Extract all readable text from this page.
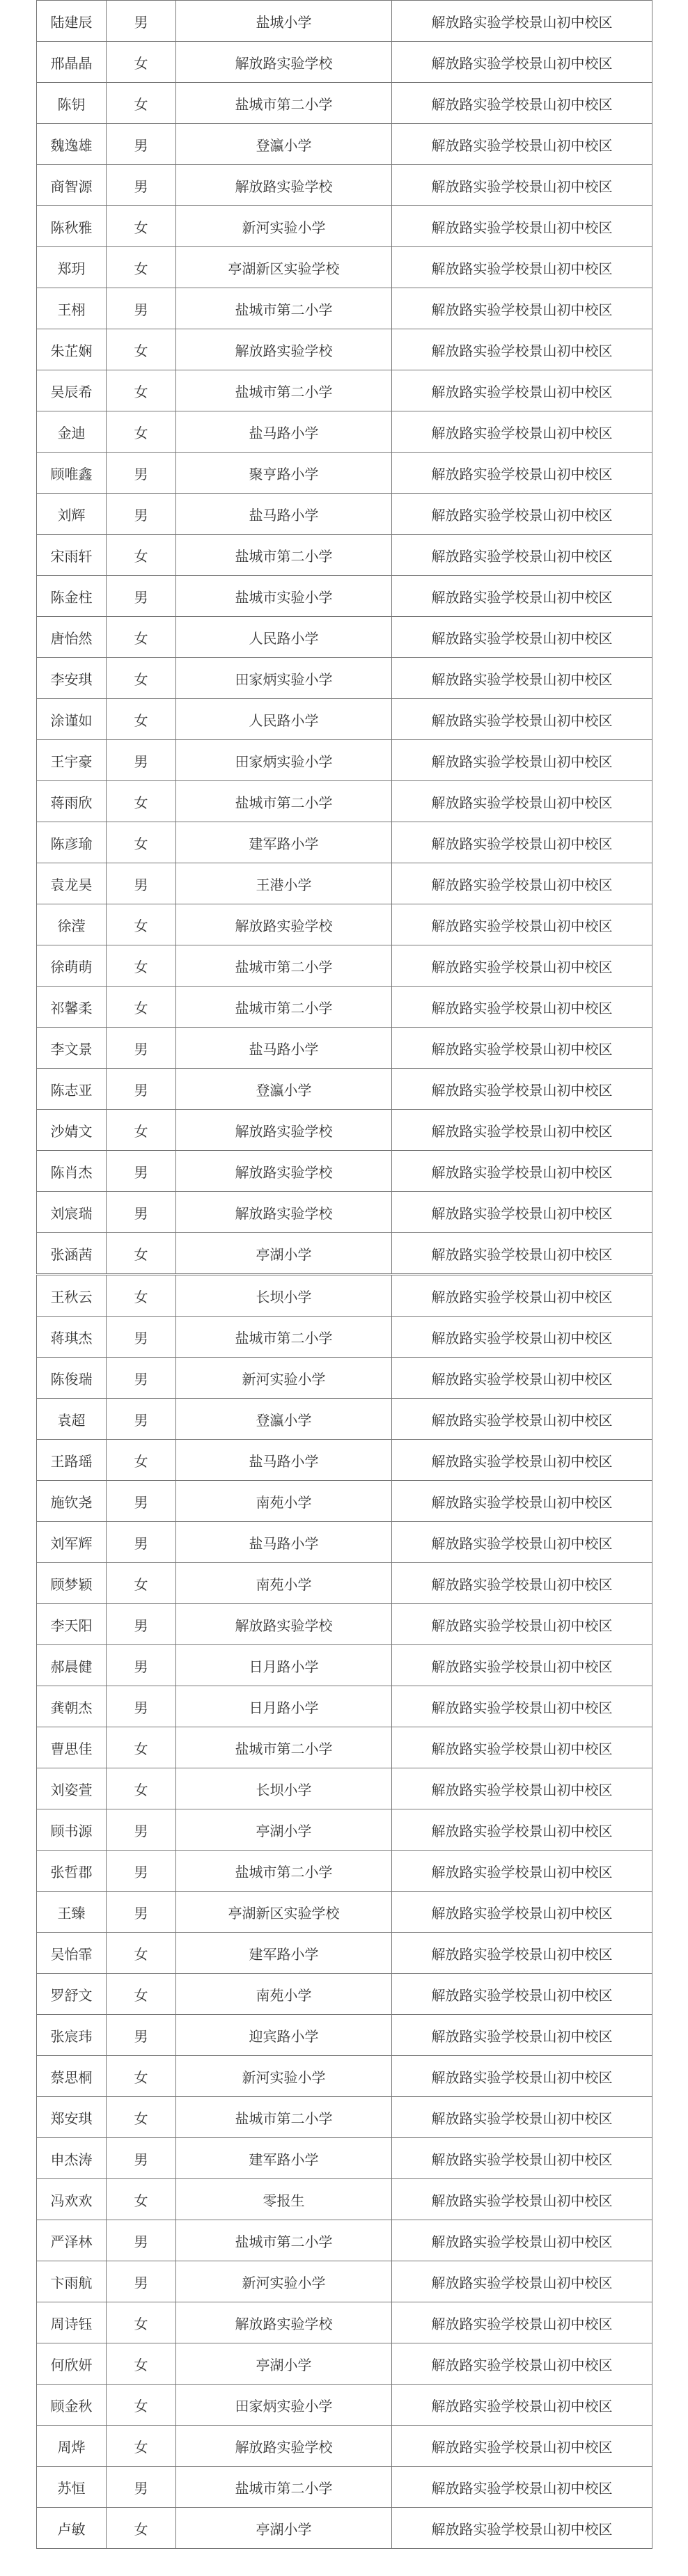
陆建辰	男	盐城小学	解放路实验学校景山初中校区
邢晶晶	女	解放路实验学校	解放路实验学校景山初中校区
陈钥	女	盐城市第二小学	解放路实验学校景山初中校区
魏逸雄	男	登瀛小学	解放路实验学校景山初中校区
商智源	男	解放路实验学校	解放路实验学校景山初中校区
陈秋雅	女	新河实验小学	解放路实验学校景山初中校区
郑玥	女	亭湖新区实验学校	解放路实验学校景山初中校区
王栩	男	盐城市第二小学	解放路实验学校景山初中校区
朱芷娴	女	解放路实验学校	解放路实验学校景山初中校区
吴辰希	女	盐城市第二小学	解放路实验学校景山初中校区
金迪	女	盐马路小学	解放路实验学校景山初中校区
顾唯鑫	男	聚亨路小学	解放路实验学校景山初中校区
刘辉	男	盐马路小学	解放路实验学校景山初中校区
宋雨轩	女	盐城市第二小学	解放路实验学校景山初中校区
陈金柱	男	盐城市实验小学	解放路实验学校景山初中校区
唐怡然	女	人民路小学	解放路实验学校景山初中校区
李安琪	女	田家炳实验小学	解放路实验学校景山初中校区
涂谨如	女	人民路小学	解放路实验学校景山初中校区
王宇豪	男	田家炳实验小学	解放路实验学校景山初中校区
蒋雨欣	女	盐城市第二小学	解放路实验学校景山初中校区
陈彦瑜	女	建军路小学	解放路实验学校景山初中校区
袁龙昊	男	王港小学	解放路实验学校景山初中校区
徐滢	女	解放路实验学校	解放路实验学校景山初中校区
徐萌萌	女	盐城市第二小学	解放路实验学校景山初中校区
祁馨柔	女	盐城市第二小学	解放路实验学校景山初中校区
李文景	男	盐马路小学	解放路实验学校景山初中校区
陈志亚	男	登瀛小学	解放路实验学校景山初中校区
沙婧文	女	解放路实验学校	解放路实验学校景山初中校区
陈肖杰	男	解放路实验学校	解放路实验学校景山初中校区
刘宸瑞	男	解放路实验学校	解放路实验学校景山初中校区
张涵茜	女	亭湖小学	解放路实验学校景山初中校区
王秋云	女	长坝小学	解放路实验学校景山初中校区
蒋琪杰	男	盐城市第二小学	解放路实验学校景山初中校区
陈俊瑞	男	新河实验小学	解放路实验学校景山初中校区
袁超	男	登瀛小学	解放路实验学校景山初中校区
王路瑶	女	盐马路小学	解放路实验学校景山初中校区
施钦尧	男	南苑小学	解放路实验学校景山初中校区
刘军辉	男	盐马路小学	解放路实验学校景山初中校区
顾梦颖	女	南苑小学	解放路实验学校景山初中校区
李天阳	男	解放路实验学校	解放路实验学校景山初中校区
郝晨健	男	日月路小学	解放路实验学校景山初中校区
龚朝杰	男	日月路小学	解放路实验学校景山初中校区
曹思佳	女	盐城市第二小学	解放路实验学校景山初中校区
刘姿萱	女	长坝小学	解放路实验学校景山初中校区
顾书源	男	亭湖小学	解放路实验学校景山初中校区
张哲郡	男	盐城市第二小学	解放路实验学校景山初中校区
王臻	男	亭湖新区实验学校	解放路实验学校景山初中校区
吴怡霏	女	建军路小学	解放路实验学校景山初中校区
罗舒文	女	南苑小学	解放路实验学校景山初中校区
张宸玮	男	迎宾路小学	解放路实验学校景山初中校区
蔡思桐	女	新河实验小学	解放路实验学校景山初中校区
郑安琪	女	盐城市第二小学	解放路实验学校景山初中校区
申杰涛	男	建军路小学	解放路实验学校景山初中校区
冯欢欢	女	零报生	解放路实验学校景山初中校区
严泽林	男	盐城市第二小学	解放路实验学校景山初中校区
卞雨航	男	新河实验小学	解放路实验学校景山初中校区
周诗钰	女	解放路实验学校	解放路实验学校景山初中校区
何欣妍	女	亭湖小学	解放路实验学校景山初中校区
顾金秋	女	田家炳实验小学	解放路实验学校景山初中校区
周烨	女	解放路实验学校	解放路实验学校景山初中校区
苏恒	男	盐城市第二小学	解放路实验学校景山初中校区
卢敏	女	亭湖小学	解放路实验学校景山初中校区
